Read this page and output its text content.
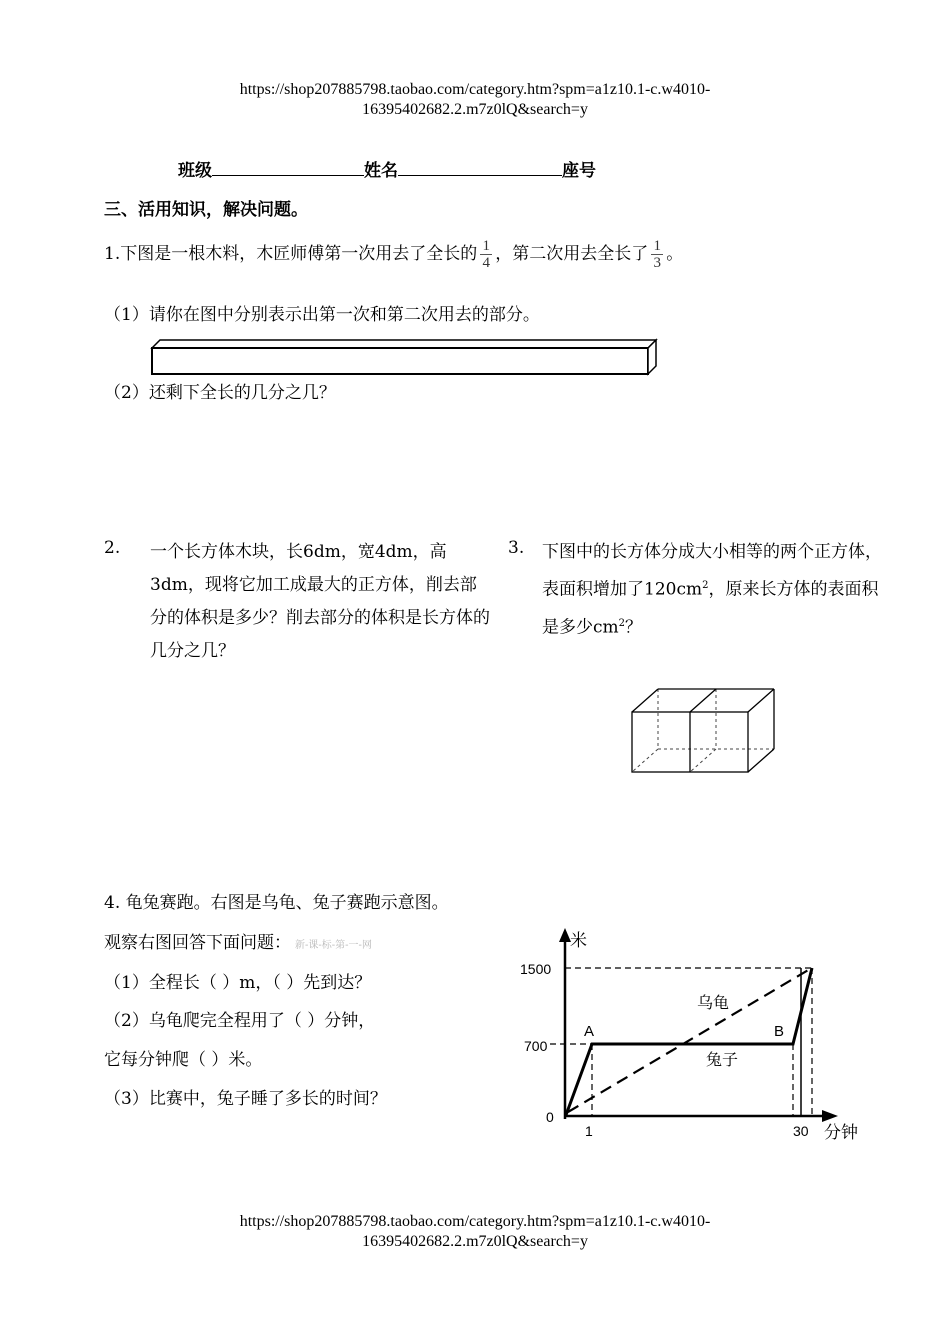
https://shop207885798.taobao.com/category.htm?spm=a1z10.1-c.w4010-
16395402682.2.m7z0lQ&search=y
班级	姓名	座号
三、活用知识，解决问题。
1.下图是一根木料，木匠师傅第一次用去了全长的 $\frac{1}{4}$ ，第二次用去全长了 $\frac{1}{3}$ 。
（1）请你在图中分别表示出第一次和第二次用去的部分。
（2）还剩下全长的几分之几？
2. 一个长方体木块，长6dm，宽4dm，高3dm，现将它加工成最大的正方体，削去部分的体积是多少？削去部分的体积是长方体的几分之几？
3. 下图中的长方体分成大小相等的两个正方体，表面积增加了$120cm^2$，原来长方体的表面积是多少$cm^2$？
4. 龟兔赛跑。右图是乌龟、兔子赛跑示意图。
观察右图回答下面问题： 新-课-标-第-一-网
（1）全程长（ ）m，（ ）先到达？
（2）乌龟爬完全程用了（ ）分钟，
它每分钟爬（ ）米。
（3）比赛中，兔子睡了多长的时间？
米
1500
700
0
1	30 分钟
A	B
乌龟
兔子
https://shop207885798.taobao.com/category.htm?spm=a1z10.1-c.w4010-
16395402682.2.m7z0lQ&search=y
